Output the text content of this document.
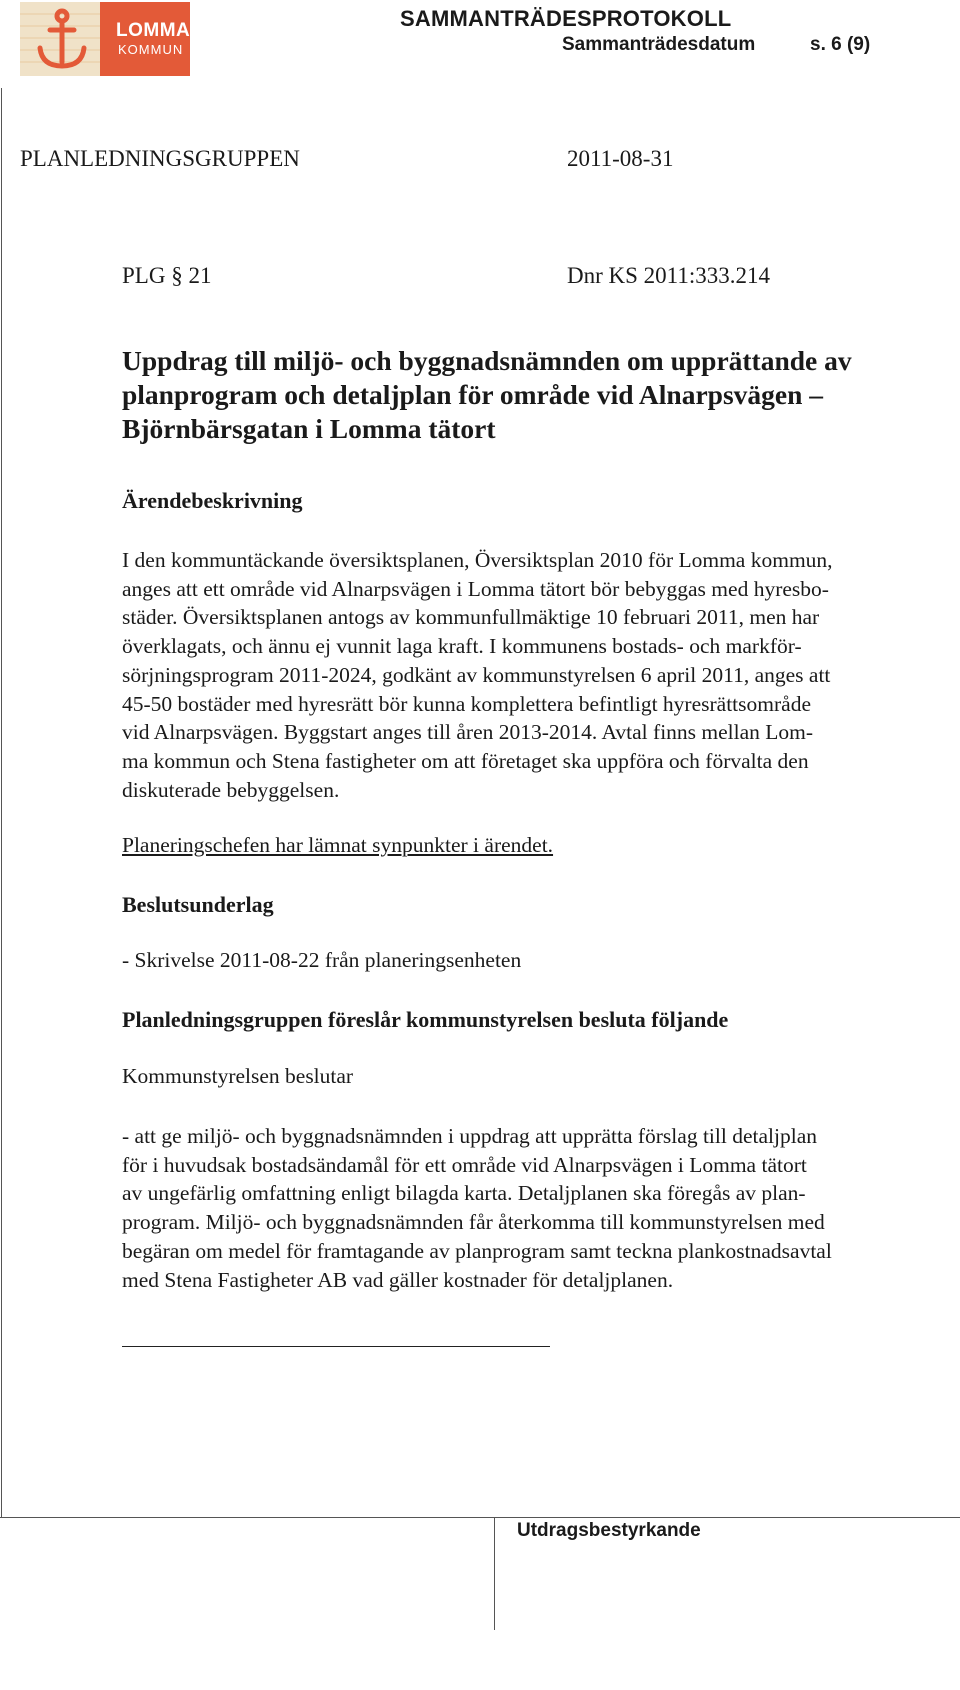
LOMMA
KOMMUN
SAMMANTRÄDESPROTOKOLL
Sammanträdesdatum	s. 6 (9)
PLANLEDNINGSGRUPPEN	2011-08-31
PLG § 21	Dnr KS 2011:333.214
Uppdrag till miljö- och byggnadsnämnden om upprättande av
planprogram och detaljplan för område vid Alnarpsvägen –
Björnbärsgatan i Lomma tätort
Ärendebeskrivning
I den kommuntäckande översiktsplanen, Översiktsplan 2010 för Lomma kommun,
anges att ett område vid Alnarpsvägen i Lomma tätort bör bebyggas med hyresbo-
städer. Översiktsplanen antogs av kommunfullmäktige 10 februari 2011, men har
överklagats, och ännu ej vunnit laga kraft. I kommunens bostads- och markför-
sörjningsprogram 2011-2024, godkänt av kommunstyrelsen 6 april 2011, anges att
45-50 bostäder med hyresrätt bör kunna komplettera befintligt hyresrättsområde
vid Alnarpsvägen. Byggstart anges till åren 2013-2014. Avtal finns mellan Lom-
ma kommun och Stena fastigheter om att företaget ska uppföra och förvalta den
diskuterade bebyggelsen.
Planeringschefen har lämnat synpunkter i ärendet.
Beslutsunderlag
- Skrivelse 2011-08-22 från planeringsenheten
Planledningsgruppen föreslår kommunstyrelsen besluta följande
Kommunstyrelsen beslutar
- att ge miljö- och byggnadsnämnden i uppdrag att upprätta förslag till detaljplan
för i huvudsak bostadsändamål för ett område vid Alnarpsvägen i Lomma tätort
av ungefärlig omfattning enligt bilagda karta. Detaljplanen ska föregås av plan-
program. Miljö- och byggnadsnämnden får återkomma till kommunstyrelsen med
begäran om medel för framtagande av planprogram samt teckna plankostnadsavtal
med Stena Fastigheter AB vad gäller kostnader för detaljplanen.
Utdragsbestyrkande
